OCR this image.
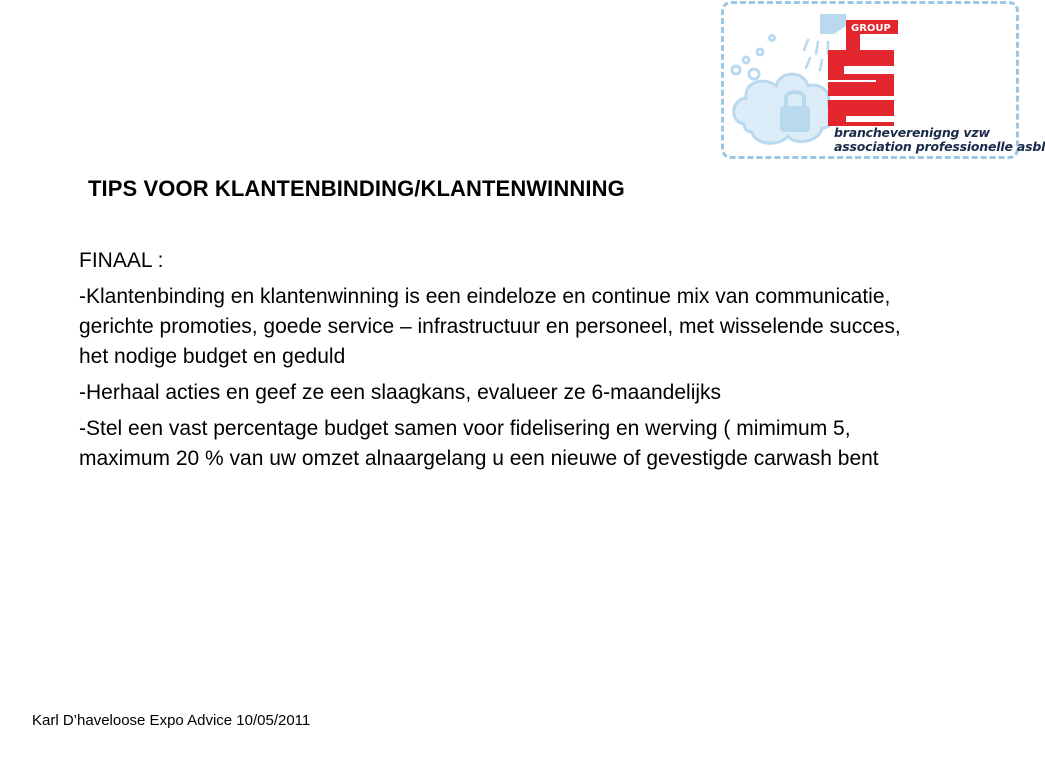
GROUP
brancheverenigng vzw
association professionelle asbl
TIPS VOOR KLANTENBINDING/KLANTENWINNING

FINAAL :

-Klantenbinding en klantenwinning is een eindeloze en continue mix van communicatie, gerichte promoties, goede service – infrastructuur en personeel, met wisselende succes, het nodige budget en geduld

-Herhaal acties en geef ze een slaagkans, evalueer ze 6-maandelijks

-Stel een vast percentage budget samen voor fidelisering en werving ( mimimum 5, maximum 20 % van uw omzet alnaargelang u een nieuwe of gevestigde carwash bent

Karl D’haveloose Expo Advice 10/05/2011
